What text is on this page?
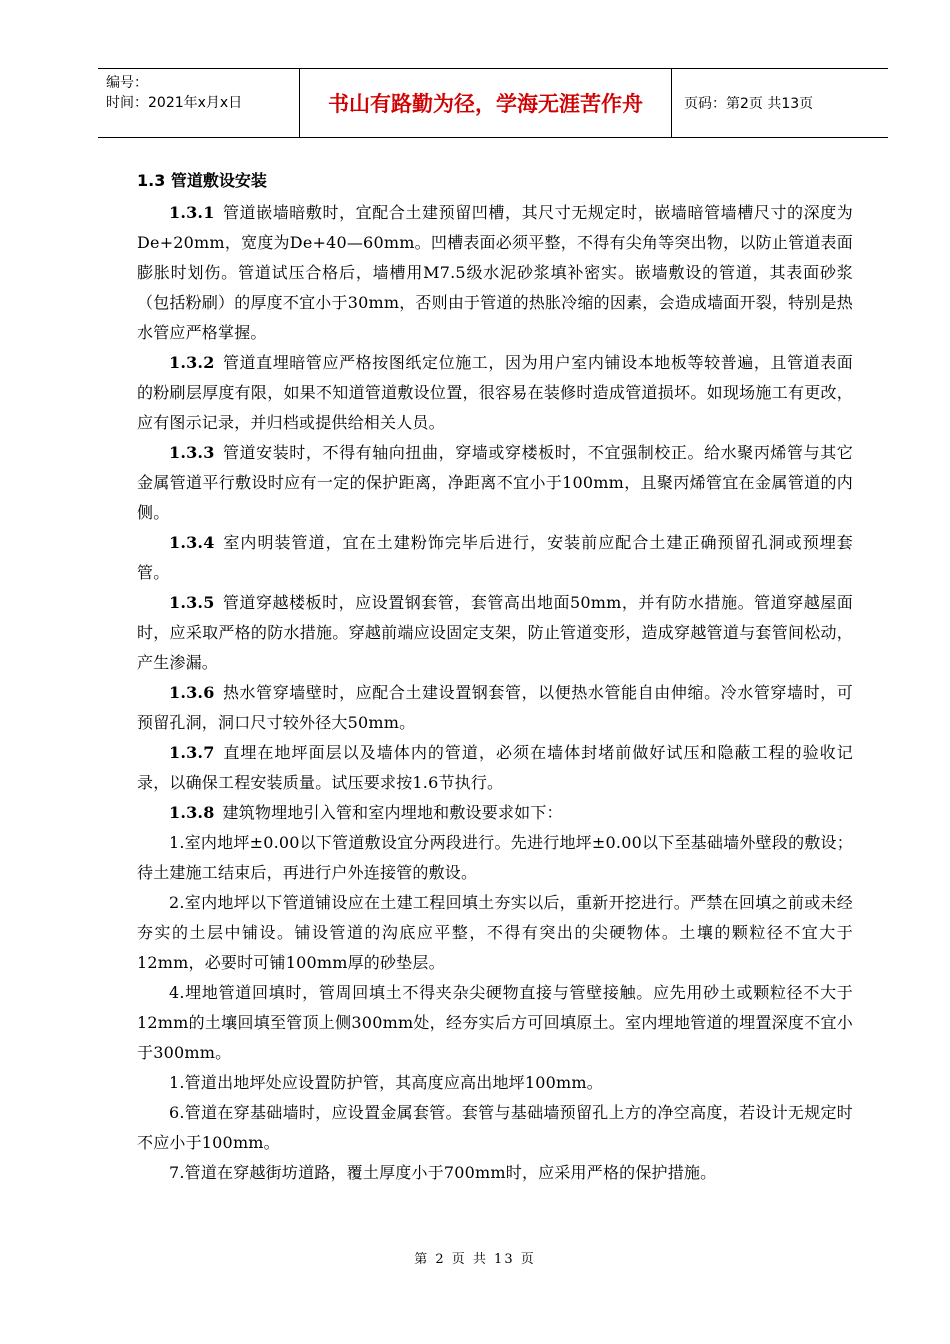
编号：
时间：2021年x月x日	书山有路勤为径，学海无涯苦作舟	页码：第2页 共13页
1.3 管道敷设安装

1.3.1 管道嵌墙暗敷时，宜配合土建预留凹槽，其尺寸无规定时，嵌墙暗管墙槽尺寸的深度为De+20mm，宽度为De+40—60mm。凹槽表面必须平整，不得有尖角等突出物，以防止管道表面膨胀时划伤。管道试压合格后，墙槽用M7.5级水泥砂浆填补密实。嵌墙敷设的管道，其表面砂浆（包括粉刷）的厚度不宜小于30mm，否则由于管道的热胀冷缩的因素，会造成墙面开裂，特别是热水管应严格掌握。

1.3.2 管道直埋暗管应严格按图纸定位施工，因为用户室内铺设本地板等较普遍，且管道表面的粉刷层厚度有限，如果不知道管道敷设位置，很容易在装修时造成管道损坏。如现场施工有更改，应有图示记录，并归档或提供给相关人员。

1.3.3 管道安装时，不得有轴向扭曲，穿墙或穿楼板时，不宜强制校正。给水聚丙烯管与其它金属管道平行敷设时应有一定的保护距离，净距离不宜小于100mm，且聚丙烯管宜在金属管道的内侧。

1.3.4 室内明装管道，宜在土建粉饰完毕后进行，安装前应配合土建正确预留孔洞或预埋套管。

1.3.5 管道穿越楼板时，应设置钢套管，套管高出地面50mm，并有防水措施。管道穿越屋面时，应采取严格的防水措施。穿越前端应设固定支架，防止管道变形，造成穿越管道与套管间松动，产生渗漏。

1.3.6 热水管穿墙壁时，应配合土建设置钢套管，以便热水管能自由伸缩。冷水管穿墙时，可预留孔洞，洞口尺寸较外径大50mm。

1.3.7 直埋在地坪面层以及墙体内的管道，必须在墙体封堵前做好试压和隐蔽工程的验收记录，以确保工程安装质量。试压要求按1.6节执行。

1.3.8 建筑物埋地引入管和室内埋地和敷设要求如下：

1.室内地坪±0.00以下管道敷设宜分两段进行。先进行地坪±0.00以下至基础墙外壁段的敷设；待土建施工结束后，再进行户外连接管的敷设。

2.室内地坪以下管道铺设应在土建工程回填土夯实以后，重新开挖进行。严禁在回填之前或未经夯实的土层中铺设。铺设管道的沟底应平整，不得有突出的尖硬物体。土壤的颗粒径不宜大于12mm，必要时可铺100mm厚的砂垫层。

4.埋地管道回填时，管周回填土不得夹杂尖硬物直接与管壁接触。应先用砂土或颗粒径不大于12mm的土壤回填至管顶上侧300mm处，经夯实后方可回填原土。室内埋地管道的埋置深度不宜小于300mm。

1.管道出地坪处应设置防护管，其高度应高出地坪100mm。

6.管道在穿基础墙时，应设置金属套管。套管与基础墙预留孔上方的净空高度，若设计无规定时不应小于100mm。

7.管道在穿越街坊道路，覆土厚度小于700mm时，应采用严格的保护措施。

第 2 页 共 13 页
